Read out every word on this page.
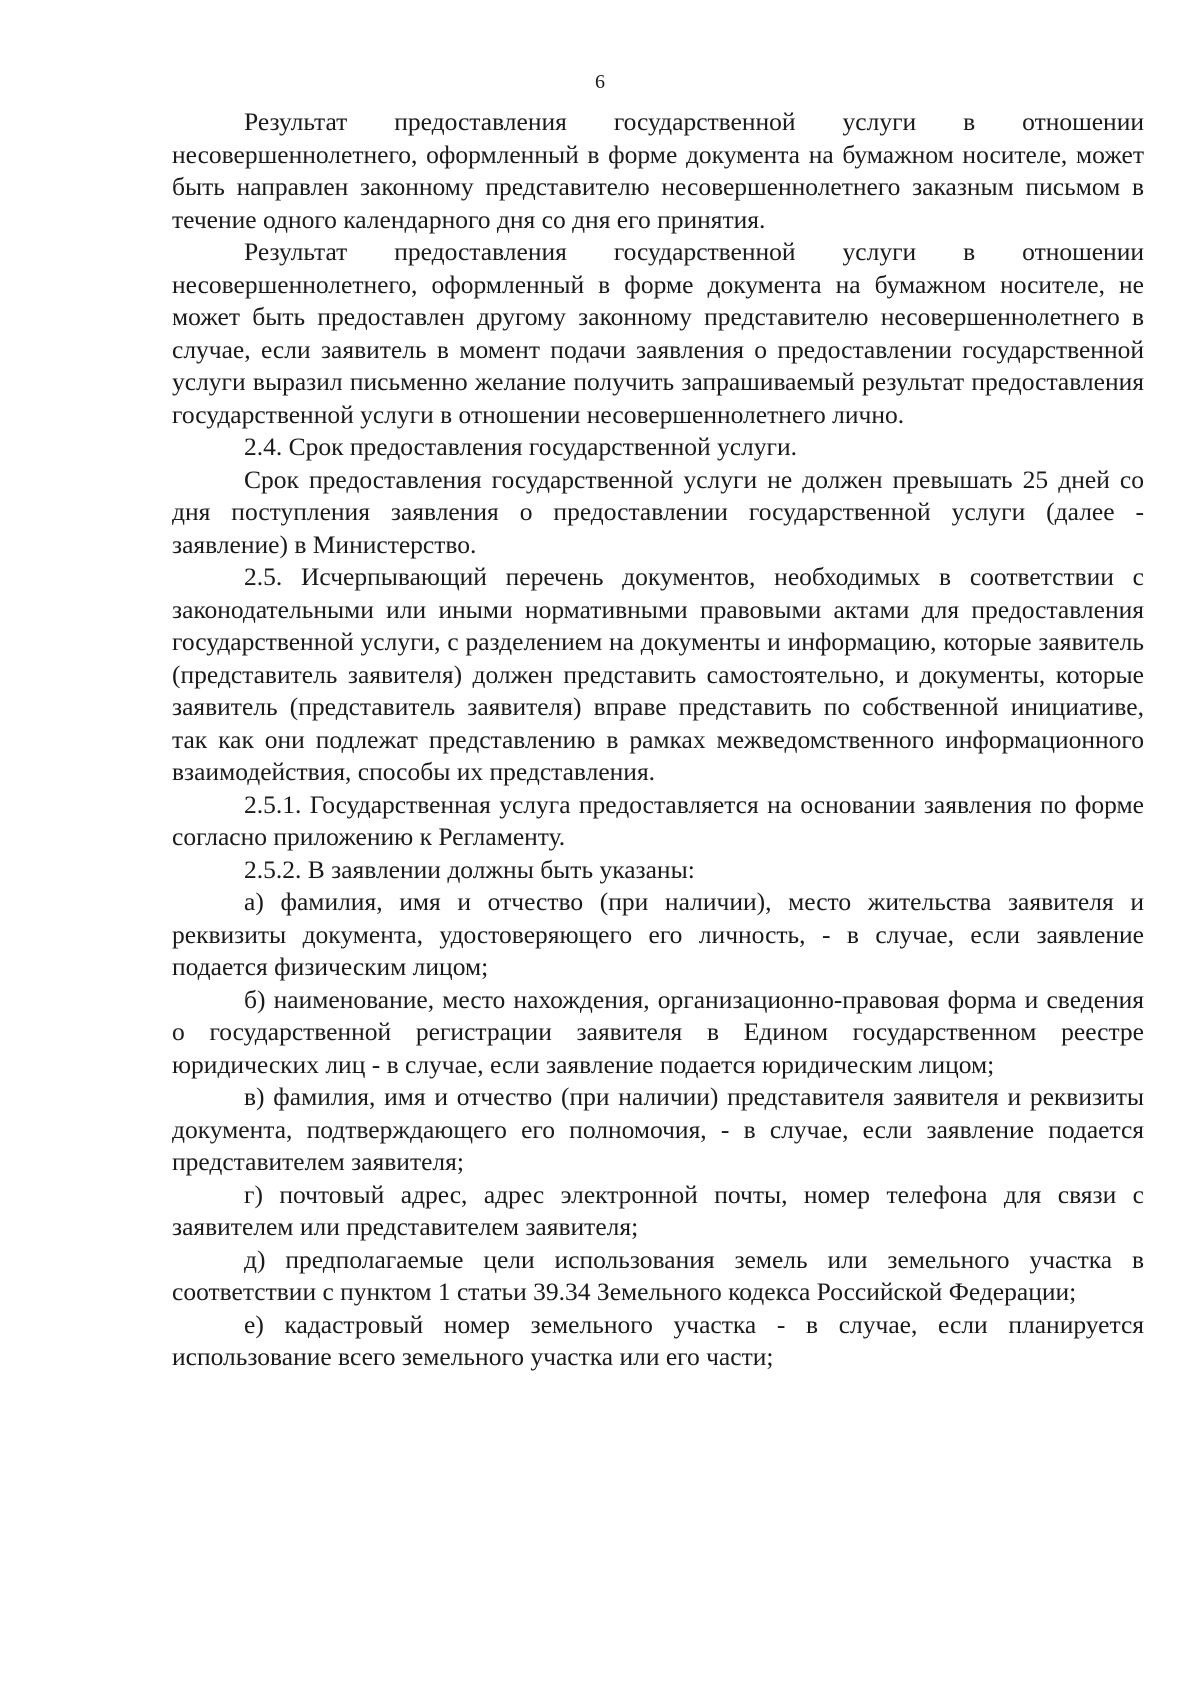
6

Результат предоставления государственной услуги в отношении несовершеннолетнего, оформленный в форме документа на бумажном носителе, может быть направлен законному представителю несовершеннолетнего заказным письмом в течение одного календарного дня со дня его принятия.

Результат предоставления государственной услуги в отношении несовершеннолетнего, оформленный в форме документа на бумажном носителе, не может быть предоставлен другому законному представителю несовершеннолетнего в случае, если заявитель в момент подачи заявления о предоставлении государственной услуги выразил письменно желание получить запрашиваемый результат предоставления государственной услуги в отношении несовершеннолетнего лично.

2.4. Срок предоставления государственной услуги.

Срок предоставления государственной услуги не должен превышать 25 дней со дня поступления заявления о предоставлении государственной услуги (далее - заявление) в Министерство.

2.5. Исчерпывающий перечень документов, необходимых в соответствии с законодательными или иными нормативными правовыми актами для предоставления государственной услуги, с разделением на документы и информацию, которые заявитель (представитель заявителя) должен представить самостоятельно, и документы, которые заявитель (представитель заявителя) вправе представить по собственной инициативе, так как они подлежат представлению в рамках межведомственного информационного взаимодействия, способы их представления.

2.5.1. Государственная услуга предоставляется на основании заявления по форме согласно приложению к Регламенту.

2.5.2. В заявлении должны быть указаны:

а) фамилия, имя и отчество (при наличии), место жительства заявителя и реквизиты документа, удостоверяющего его личность, - в случае, если заявление подается физическим лицом;

б) наименование, место нахождения, организационно-правовая форма и сведения о государственной регистрации заявителя в Едином государственном реестре юридических лиц - в случае, если заявление подается юридическим лицом;

в) фамилия, имя и отчество (при наличии) представителя заявителя и реквизиты документа, подтверждающего его полномочия, - в случае, если заявление подается представителем заявителя;

г) почтовый адрес, адрес электронной почты, номер телефона для связи с заявителем или представителем заявителя;

д) предполагаемые цели использования земель или земельного участка в соответствии с пунктом 1 статьи 39.34 Земельного кодекса Российской Федерации;

е) кадастровый номер земельного участка - в случае, если планируется использование всего земельного участка или его части;
